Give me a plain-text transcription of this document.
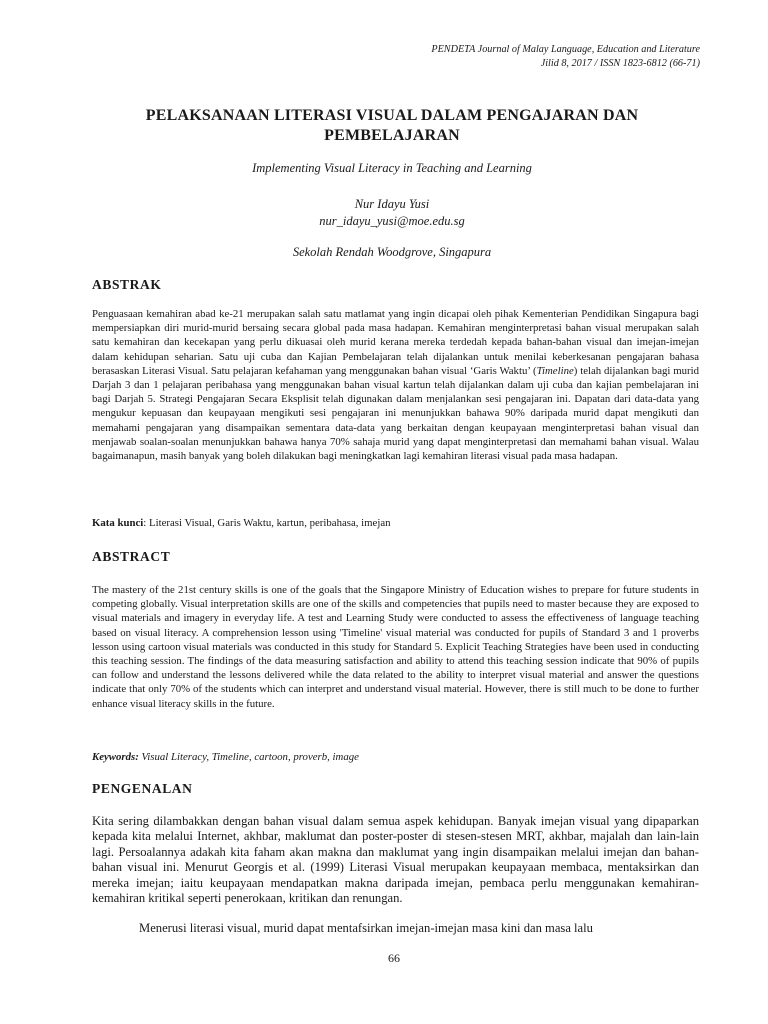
PENDETA Journal of Malay Language, Education and Literature
Jilid 8, 2017 / ISSN 1823-6812 (66-71)
PELAKSANAAN LITERASI VISUAL DALAM PENGAJARAN DAN PEMBELAJARAN
Implementing Visual Literacy in Teaching and Learning
Nur Idayu Yusi
nur_idayu_yusi@moe.edu.sg
Sekolah Rendah Woodgrove, Singapura
ABSTRAK

Penguasaan kemahiran abad ke-21 merupakan salah satu matlamat yang ingin dicapai oleh pihak Kementerian Pendidikan Singapura bagi mempersiapkan diri murid-murid bersaing secara global pada masa hadapan. Kemahiran menginterpretasi bahan visual merupakan salah satu kemahiran dan kecekapan yang perlu dikuasai oleh murid kerana mereka terdedah kepada bahan-bahan visual dan imejan-imejan dalam kehidupan seharian. Satu uji cuba dan Kajian Pembelajaran telah dijalankan untuk menilai keberkesanan pengajaran bahasa berasaskan Literasi Visual. Satu pelajaran kefahaman yang menggunakan bahan visual ‘Garis Waktu’ (Timeline) telah dijalankan bagi murid Darjah 3 dan 1 pelajaran peribahasa yang menggunakan bahan visual kartun telah dijalankan dalam uji cuba dan kajian pembelajaran ini bagi Darjah 5. Strategi Pengajaran Secara Eksplisit telah digunakan dalam menjalankan sesi pengajaran ini. Dapatan dari data-data yang mengukur kepuasan dan keupayaan mengikuti sesi pengajaran ini menunjukkan bahawa 90% daripada murid dapat mengikuti dan memahami pengajaran yang disampaikan sementara data-data yang berkaitan dengan keupayaan menginterpretasi bahan visual dan menjawab soalan-soalan menunjukkan bahawa hanya 70% sahaja murid yang dapat menginterpretasi dan memahami bahan visual. Walau bagaimanapun, masih banyak yang boleh dilakukan bagi meningkatkan lagi kemahiran literasi visual pada masa hadapan.

Kata kunci: Literasi Visual, Garis Waktu, kartun, peribahasa, imejan
ABSTRACT

The mastery of the 21st century skills is one of the goals that the Singapore Ministry of Education wishes to prepare for future students in competing globally. Visual interpretation skills are one of the skills and competencies that pupils need to master because they are exposed to visual materials and imagery in everyday life. A test and Learning Study were conducted to assess the effectiveness of language teaching based on visual literacy. A comprehension lesson using 'Timeline' visual material was conducted for pupils of Standard 3 and 1 proverbs lesson using cartoon visual materials was conducted in this study for Standard 5. Explicit Teaching Strategies have been used in conducting this teaching session. The findings of the data measuring satisfaction and ability to attend this teaching session indicate that 90% of pupils can follow and understand the lessons delivered while the data related to the ability to interpret visual material and answer the questions indicate that only 70% of the students which can interpret and understand visual material. However, there is still much to be done to further enhance visual literacy skills in the future.

Keywords: Visual Literacy, Timeline, cartoon, proverb, image
PENGENALAN

Kita sering dilambakkan dengan bahan visual dalam semua aspek kehidupan. Banyak imejan visual yang dipaparkan kepada kita melalui Internet, akhbar, maklumat dan poster-poster di stesen-stesen MRT, akhbar, majalah dan lain-lain lagi. Persoalannya adakah kita faham akan makna dan maklumat yang ingin disampaikan melalui imejan dan bahan-bahan visual ini. Menurut Georgis et al. (1999) Literasi Visual merupakan keupayaan membaca, mentaksirkan dan mereka imejan; iaitu keupayaan mendapatkan makna daripada imejan, pembaca perlu menggunakan kemahiran-kemahiran kritikal seperti penerokaan, kritikan dan renungan.

Menerusi literasi visual, murid dapat mentafsirkan imejan-imejan masa kini dan masa lalu

66
